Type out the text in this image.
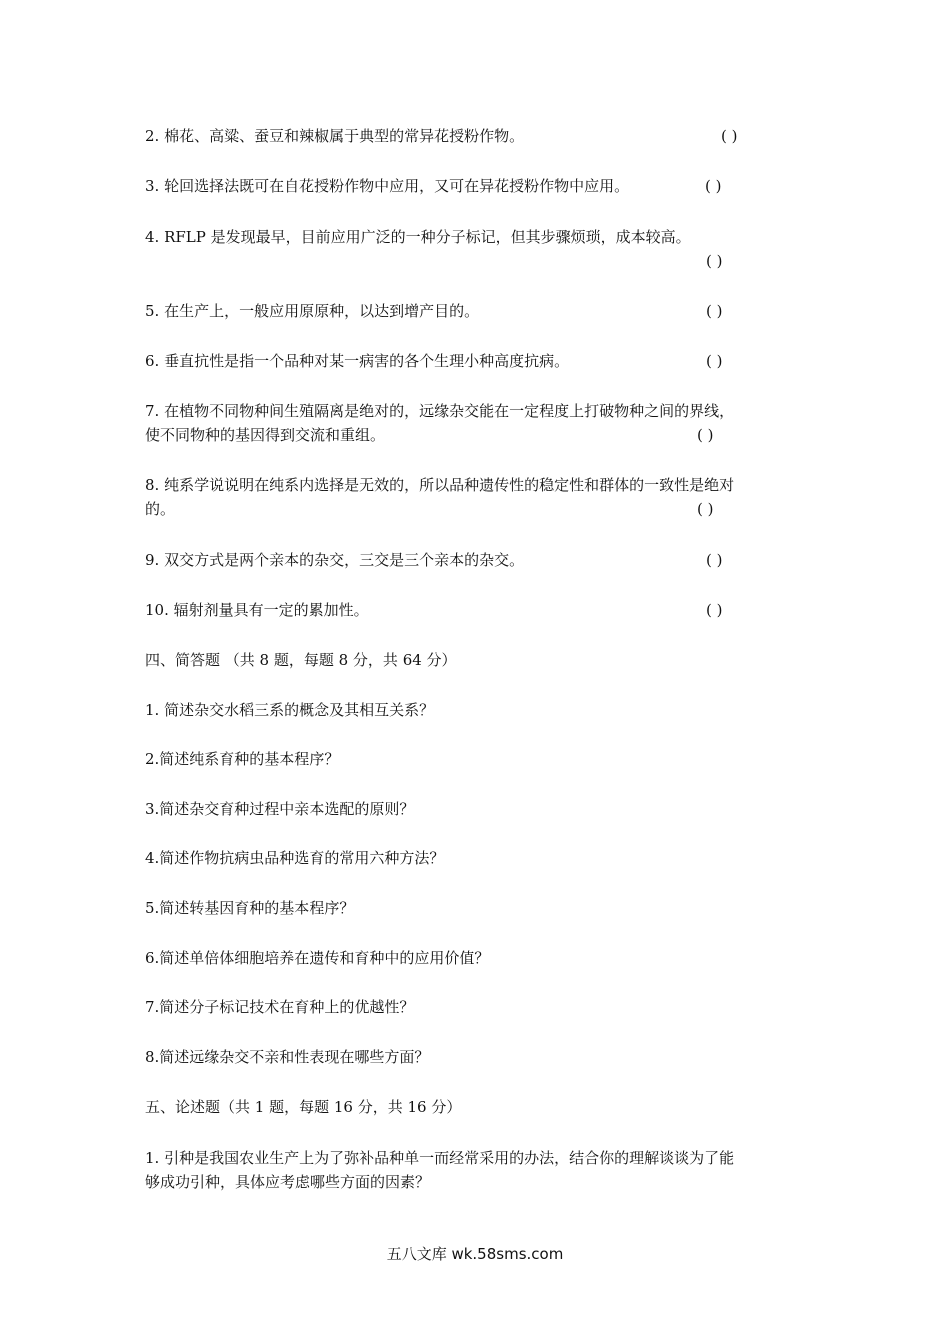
2. 棉花、高粱、蚕豆和辣椒属于典型的常异花授粉作物。	( )
3. 轮回选择法既可在自花授粉作物中应用，又可在异花授粉作物中应用。	( )
4. RFLP 是发现最早，目前应用广泛的一种分子标记，但其步骤烦琐，成本较高。
( )
5. 在生产上，一般应用原原种，以达到增产目的。	( )
6. 垂直抗性是指一个品种对某一病害的各个生理小种高度抗病。	( )
7. 在植物不同物种间生殖隔离是绝对的，远缘杂交能在一定程度上打破物种之间的界线，
使不同物种的基因得到交流和重组。	( )
8. 纯系学说说明在纯系内选择是无效的，所以品种遗传性的稳定性和群体的一致性是绝对
的。	( )
9. 双交方式是两个亲本的杂交，三交是三个亲本的杂交。	( )
10. 辐射剂量具有一定的累加性。	( )
四、简答题 （共 8 题，每题 8 分，共 64 分）
1. 简述杂交水稻三系的概念及其相互关系？
2.简述纯系育种的基本程序？
3.简述杂交育种过程中亲本选配的原则？
4.简述作物抗病虫品种选育的常用六种方法？
5.简述转基因育种的基本程序？
6.简述单倍体细胞培养在遗传和育种中的应用价值？
7.简述分子标记技术在育种上的优越性？
8.简述远缘杂交不亲和性表现在哪些方面？
五、论述题（共 1 题，每题 16 分，共 16 分）
1. 引种是我国农业生产上为了弥补品种单一而经常采用的办法，结合你的理解谈谈为了能
够成功引种，具体应考虑哪些方面的因素？
五八文库 wk.58sms.com
